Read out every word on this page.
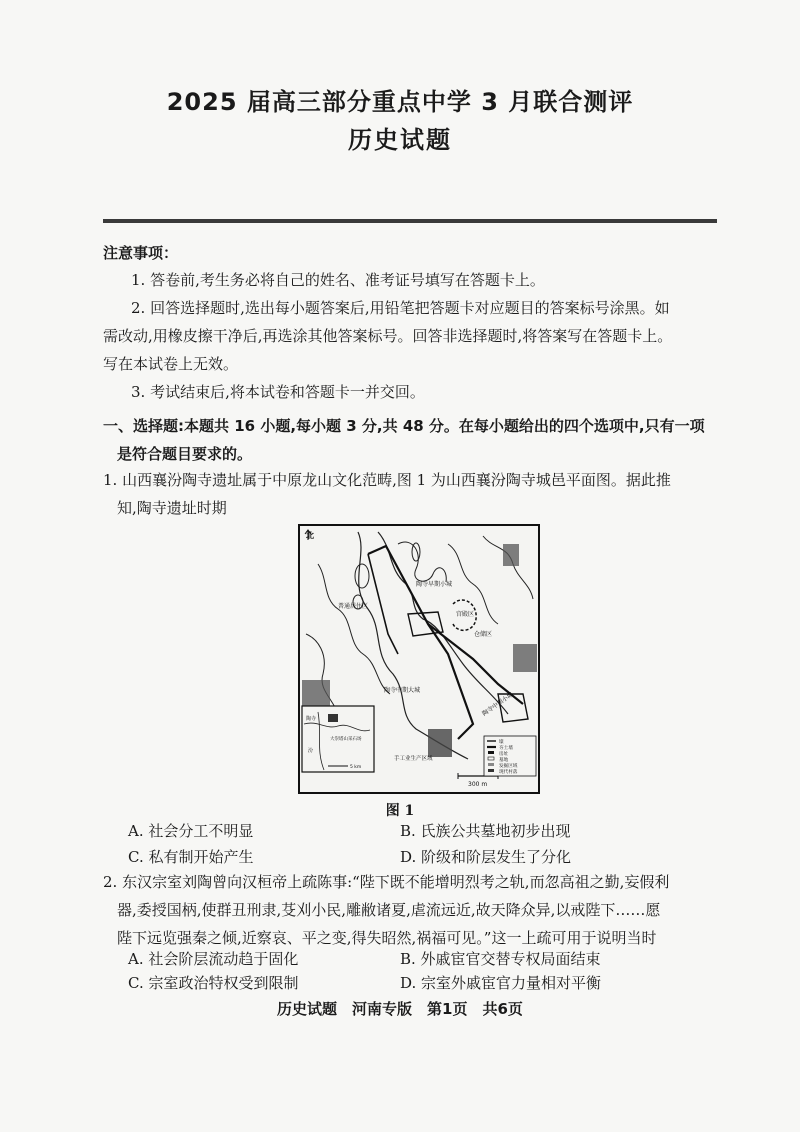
2025 届高三部分重点中学 3 月联合测评
历史试题
注意事项：
1. 答卷前,考生务必将自己的姓名、准考证号填写在答题卡上。
2. 回答选择题时,选出每小题答案后,用铅笔把答题卡对应题目的答案标号涂黑。如
需改动,用橡皮擦干净后,再选涂其他答案标号。回答非选择题时,将答案写在答题卡上。
写在本试卷上无效。
3. 考试结束后,将本试卷和答题卡一并交回。
一、选择题:本题共 16 小题,每小题 3 分,共 48 分。在每小题给出的四个选项中,只有一项
是符合题目要求的。
1. 山西襄汾陶寺遗址属于中原龙山文化范畴,图 1 为山西襄汾陶寺城邑平面图。据此推
知,陶寺遗址时期
北
陶寺早期小城
宫殿区
仓储区
普通居住区
陶寺中期大城
陶寺中期小城
手工业生产区域
陶寺
大崇塔山采石场
汾
5 km
300 m
壕
夯土墙
房址
墓地
发掘区域
现代村落
图 1
A. 社会分工不明显	B. 氏族公共墓地初步出现
C. 私有制开始产生	D. 阶级和阶层发生了分化
2. 东汉宗室刘陶曾向汉桓帝上疏陈事:“陛下既不能增明烈考之轨,而忽高祖之勤,妄假利
器,委授国柄,使群丑刑隶,芟刈小民,雕敝诸夏,虐流远近,故天降众异,以戒陛下……愿
陛下远览强秦之倾,近察哀、平之变,得失昭然,祸福可见。”这一上疏可用于说明当时
A. 社会阶层流动趋于固化	B. 外戚宦官交替专权局面结束
C. 宗室政治特权受到限制	D. 宗室外戚宦官力量相对平衡
历史试题　河南专版　第1页　共6页
